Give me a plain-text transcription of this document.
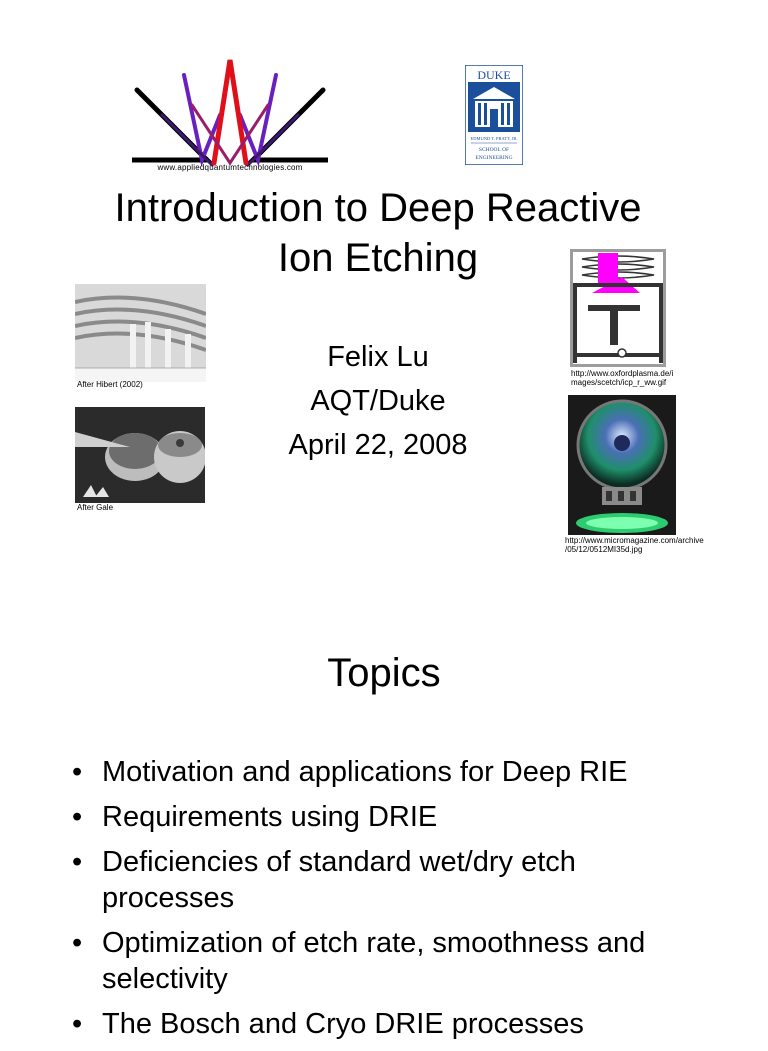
www.appliedquantumtechnologies.com
DUKE
EDMUND T. PRATT, JR.
SCHOOL OF
ENGINEERING
Introduction to Deep Reactive
Ion Etching
After Hibert (2002)
After Gale
Felix Lu
AQT/Duke
April 22, 2008
http://www.oxfordplasma.de/i
mages/scetch/icp_r_ww.gif
http://www.micromagazine.com/archive
/05/12/0512MI35d.jpg
Topics
• Motivation and applications for Deep RIE
• Requirements using DRIE
• Deficiencies of standard wet/dry etch
processes
• Optimization of etch rate, smoothness and
selectivity
• The Bosch and Cryo DRIE processes
